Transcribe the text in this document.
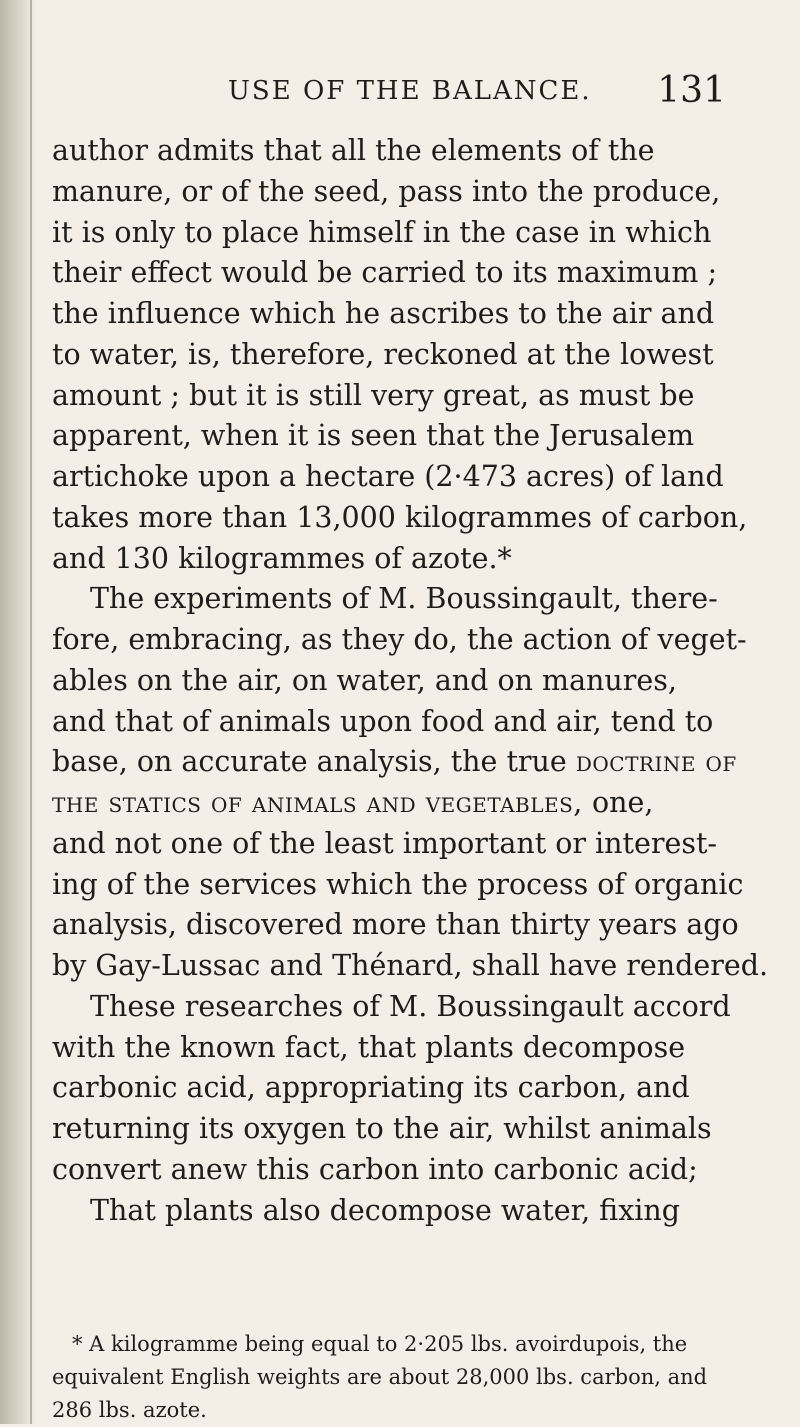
USE OF THE BALANCE. 131
author admits that all the elements of the
manure, or of the seed, pass into the produce,
it is only to place himself in the case in which
their effect would be carried to its maximum ;
the influence which he ascribes to the air and
to water, is, therefore, reckoned at the lowest
amount ; but it is still very great, as must be
apparent, when it is seen that the Jerusalem
artichoke upon a hectare (2·473 acres) of land
takes more than 13,000 kilogrammes of carbon,
and 130 kilogrammes of azote.*
The experiments of M. Boussingault, there-
fore, embracing, as they do, the action of veget-
ables on the air, on water, and on manures,
and that of animals upon food and air, tend to
base, on accurate analysis, the true doctrine of
the statics of animals and vegetables, one,
and not one of the least important or interest-
ing of the services which the process of organic
analysis, discovered more than thirty years ago
by Gay-Lussac and Thénard, shall have rendered.
These researches of M. Boussingault accord
with the known fact, that plants decompose
carbonic acid, appropriating its carbon, and
returning its oxygen to the air, whilst animals
convert anew this carbon into carbonic acid;
That plants also decompose water, fixing
* A kilogramme being equal to 2·205 lbs. avoirdupois, the
equivalent English weights are about 28,000 lbs. carbon, and
286 lbs. azote.
